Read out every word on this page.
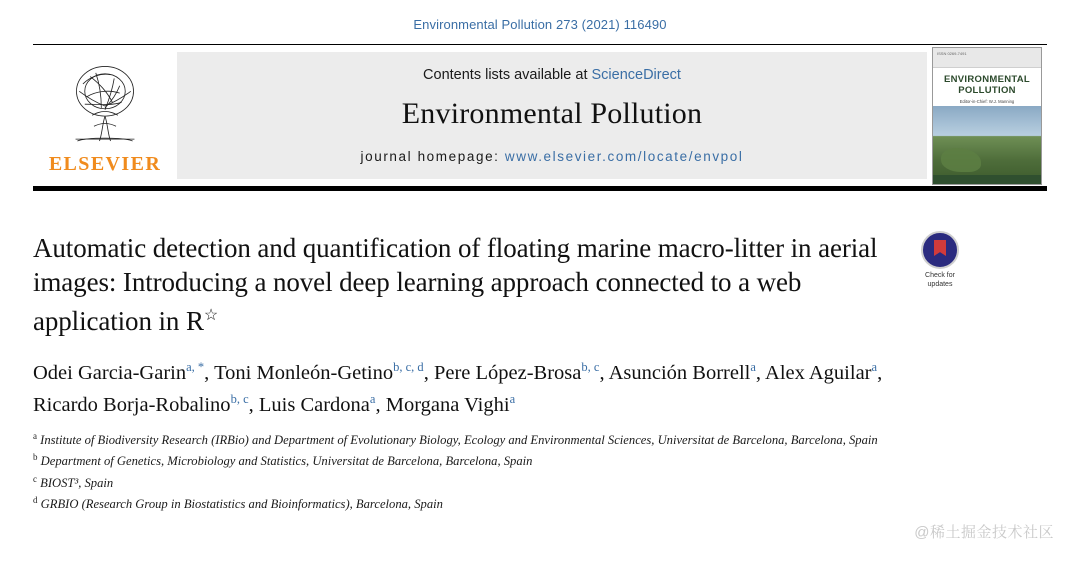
Environmental Pollution 273 (2021) 116490
ELSEVIER
Contents lists available at ScienceDirect
Environmental Pollution
journal homepage: www.elsevier.com/locate/envpol
ISSN 0269-7491
ENVIRONMENTAL
POLLUTION
Editor-in-Chief: W.J. Manning
Automatic detection and quantification of floating marine macro-litter in aerial images: Introducing a novel deep learning approach connected to a web application in R☆
Odei Garcia-Garin$^{a, *}$, Toni Monleón-Getino$^{b, c, d}$, Pere López-Brosa$^{b, c}$, Asunción Borrell$^a$, Alex Aguilar$^a$, Ricardo Borja-Robalino$^{b, c}$, Luis Cardona$^a$, Morgana Vighi$^a$
$^a$ Institute of Biodiversity Research (IRBio) and Department of Evolutionary Biology, Ecology and Environmental Sciences, Universitat de Barcelona, Barcelona, Spain
$^b$ Department of Genetics, Microbiology and Statistics, Universitat de Barcelona, Barcelona, Spain
$^c$ BIOST³, Spain
$^d$ GRBIO (Research Group in Biostatistics and Bioinformatics), Barcelona, Spain
Check for
updates
@稀土掘金技术社区
